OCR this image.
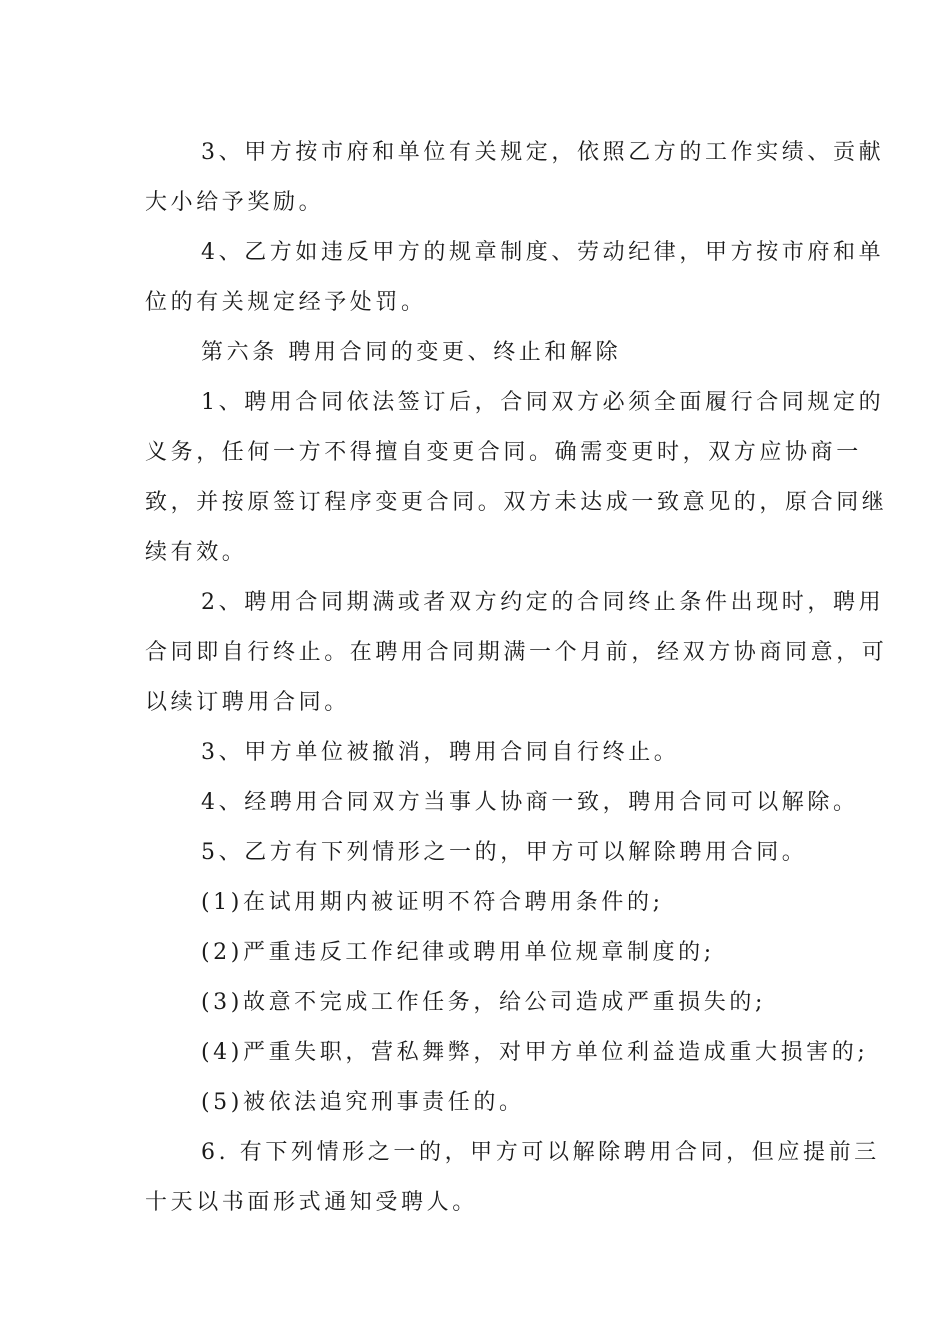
3、甲方按市府和单位有关规定，依照乙方的工作实绩、贡献
大小给予奖励。
4、乙方如违反甲方的规章制度、劳动纪律，甲方按市府和单
位的有关规定经予处罚。
第六条 聘用合同的变更、终止和解除
1、聘用合同依法签订后，合同双方必须全面履行合同规定的
义务，任何一方不得擅自变更合同。确需变更时，双方应协商一
致，并按原签订程序变更合同。双方未达成一致意见的，原合同继
续有效。
2、聘用合同期满或者双方约定的合同终止条件出现时，聘用
合同即自行终止。在聘用合同期满一个月前，经双方协商同意，可
以续订聘用合同。
3、甲方单位被撤消，聘用合同自行终止。
4、经聘用合同双方当事人协商一致，聘用合同可以解除。
5、乙方有下列情形之一的，甲方可以解除聘用合同。
(1)在试用期内被证明不符合聘用条件的;
(2)严重违反工作纪律或聘用单位规章制度的;
(3)故意不完成工作任务，给公司造成严重损失的;
(4)严重失职，营私舞弊，对甲方单位利益造成重大损害的;
(5)被依法追究刑事责任的。
6. 有下列情形之一的，甲方可以解除聘用合同，但应提前三
十天以书面形式通知受聘人。
